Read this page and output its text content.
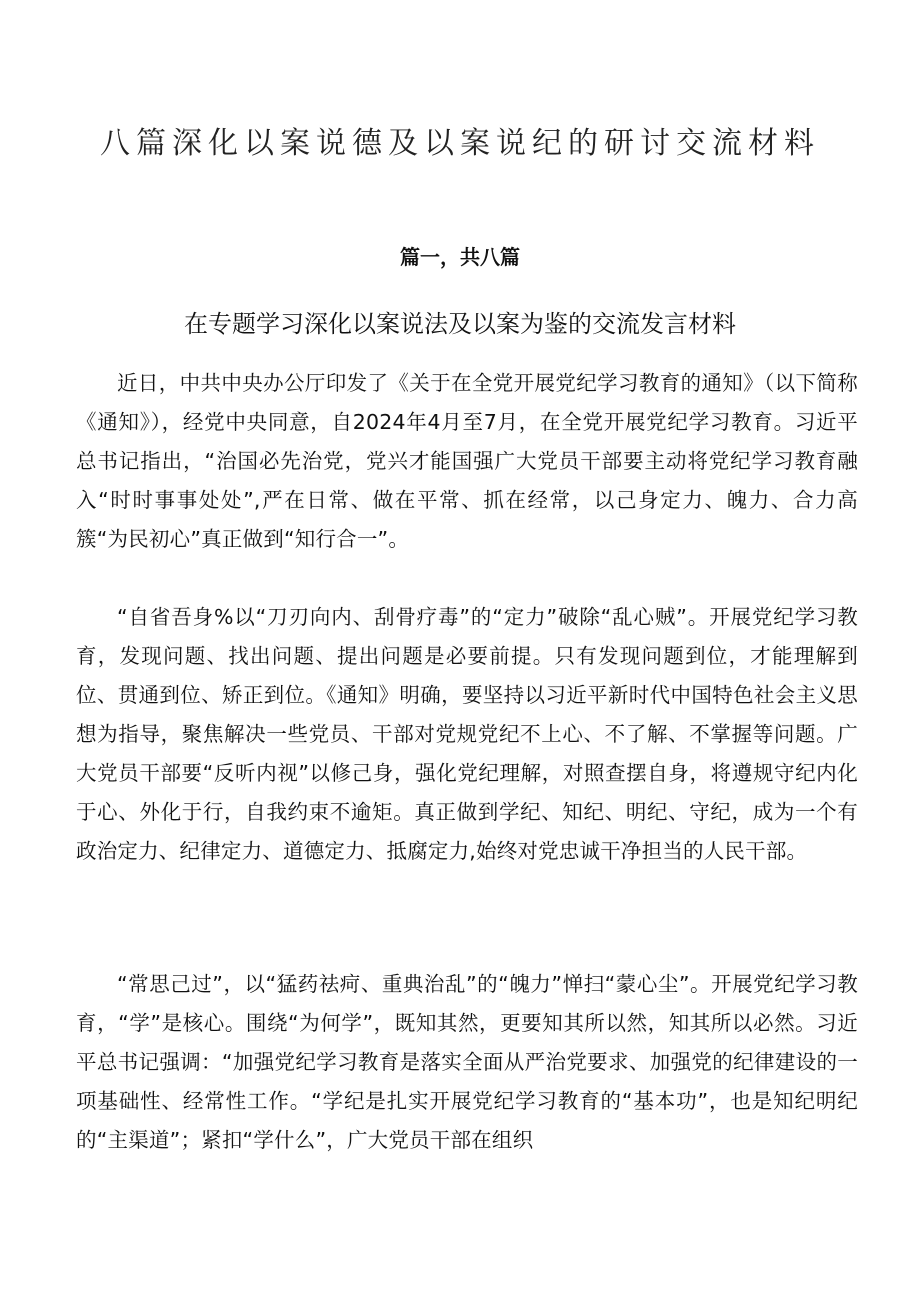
八篇深化以案说德及以案说纪的研讨交流材料
篇一，共八篇
在专题学习深化以案说法及以案为鉴的交流发言材料

近日，中共中央办公厅印发了《关于在全党开展党纪学习教育的通知》（以下简称《通知》），经党中央同意，自2024年4月至7月，在全党开展党纪学习教育。习近平总书记指出，“治国必先治党，党兴才能国强广大党员干部要主动将党纪学习教育融入“时时事事处处”,严在日常、做在平常、抓在经常，以己身定力、魄力、合力高簇“为民初心”真正做到“知行合一”。

“自省吾身%以“刀刃向内、刮骨疗毒”的“定力”破除“乱心贼”。开展党纪学习教育，发现问题、找出问题、提出问题是必要前提。只有发现问题到位，才能理解到位、贯通到位、矫正到位。《通知》明确，要坚持以习近平新时代中国特色社会主义思想为指导，聚焦解决一些党员、干部对党规党纪不上心、不了解、不掌握等问题。广大党员干部要“反听内视”以修己身，强化党纪理解，对照查摆自身，将遵规守纪内化于心、外化于行，自我约束不逾矩。真正做到学纪、知纪、明纪、守纪，成为一个有政治定力、纪律定力、道德定力、抵腐定力,始终对党忠诚干净担当的人民干部。

“常思己过”，以“猛药祛疴、重典治乱”的“魄力”惮扫“蒙心尘”。开展党纪学习教育，“学”是核心。围绕“为何学”，既知其然，更要知其所以然，知其所以必然。习近平总书记强调：“加强党纪学习教育是落实全面从严治党要求、加强党的纪律建设的一项基础性、经常性工作。“学纪是扎实开展党纪学习教育的“基本功”，也是知纪明纪的“主渠道”；紧扣“学什么”，广大党员干部在组织
